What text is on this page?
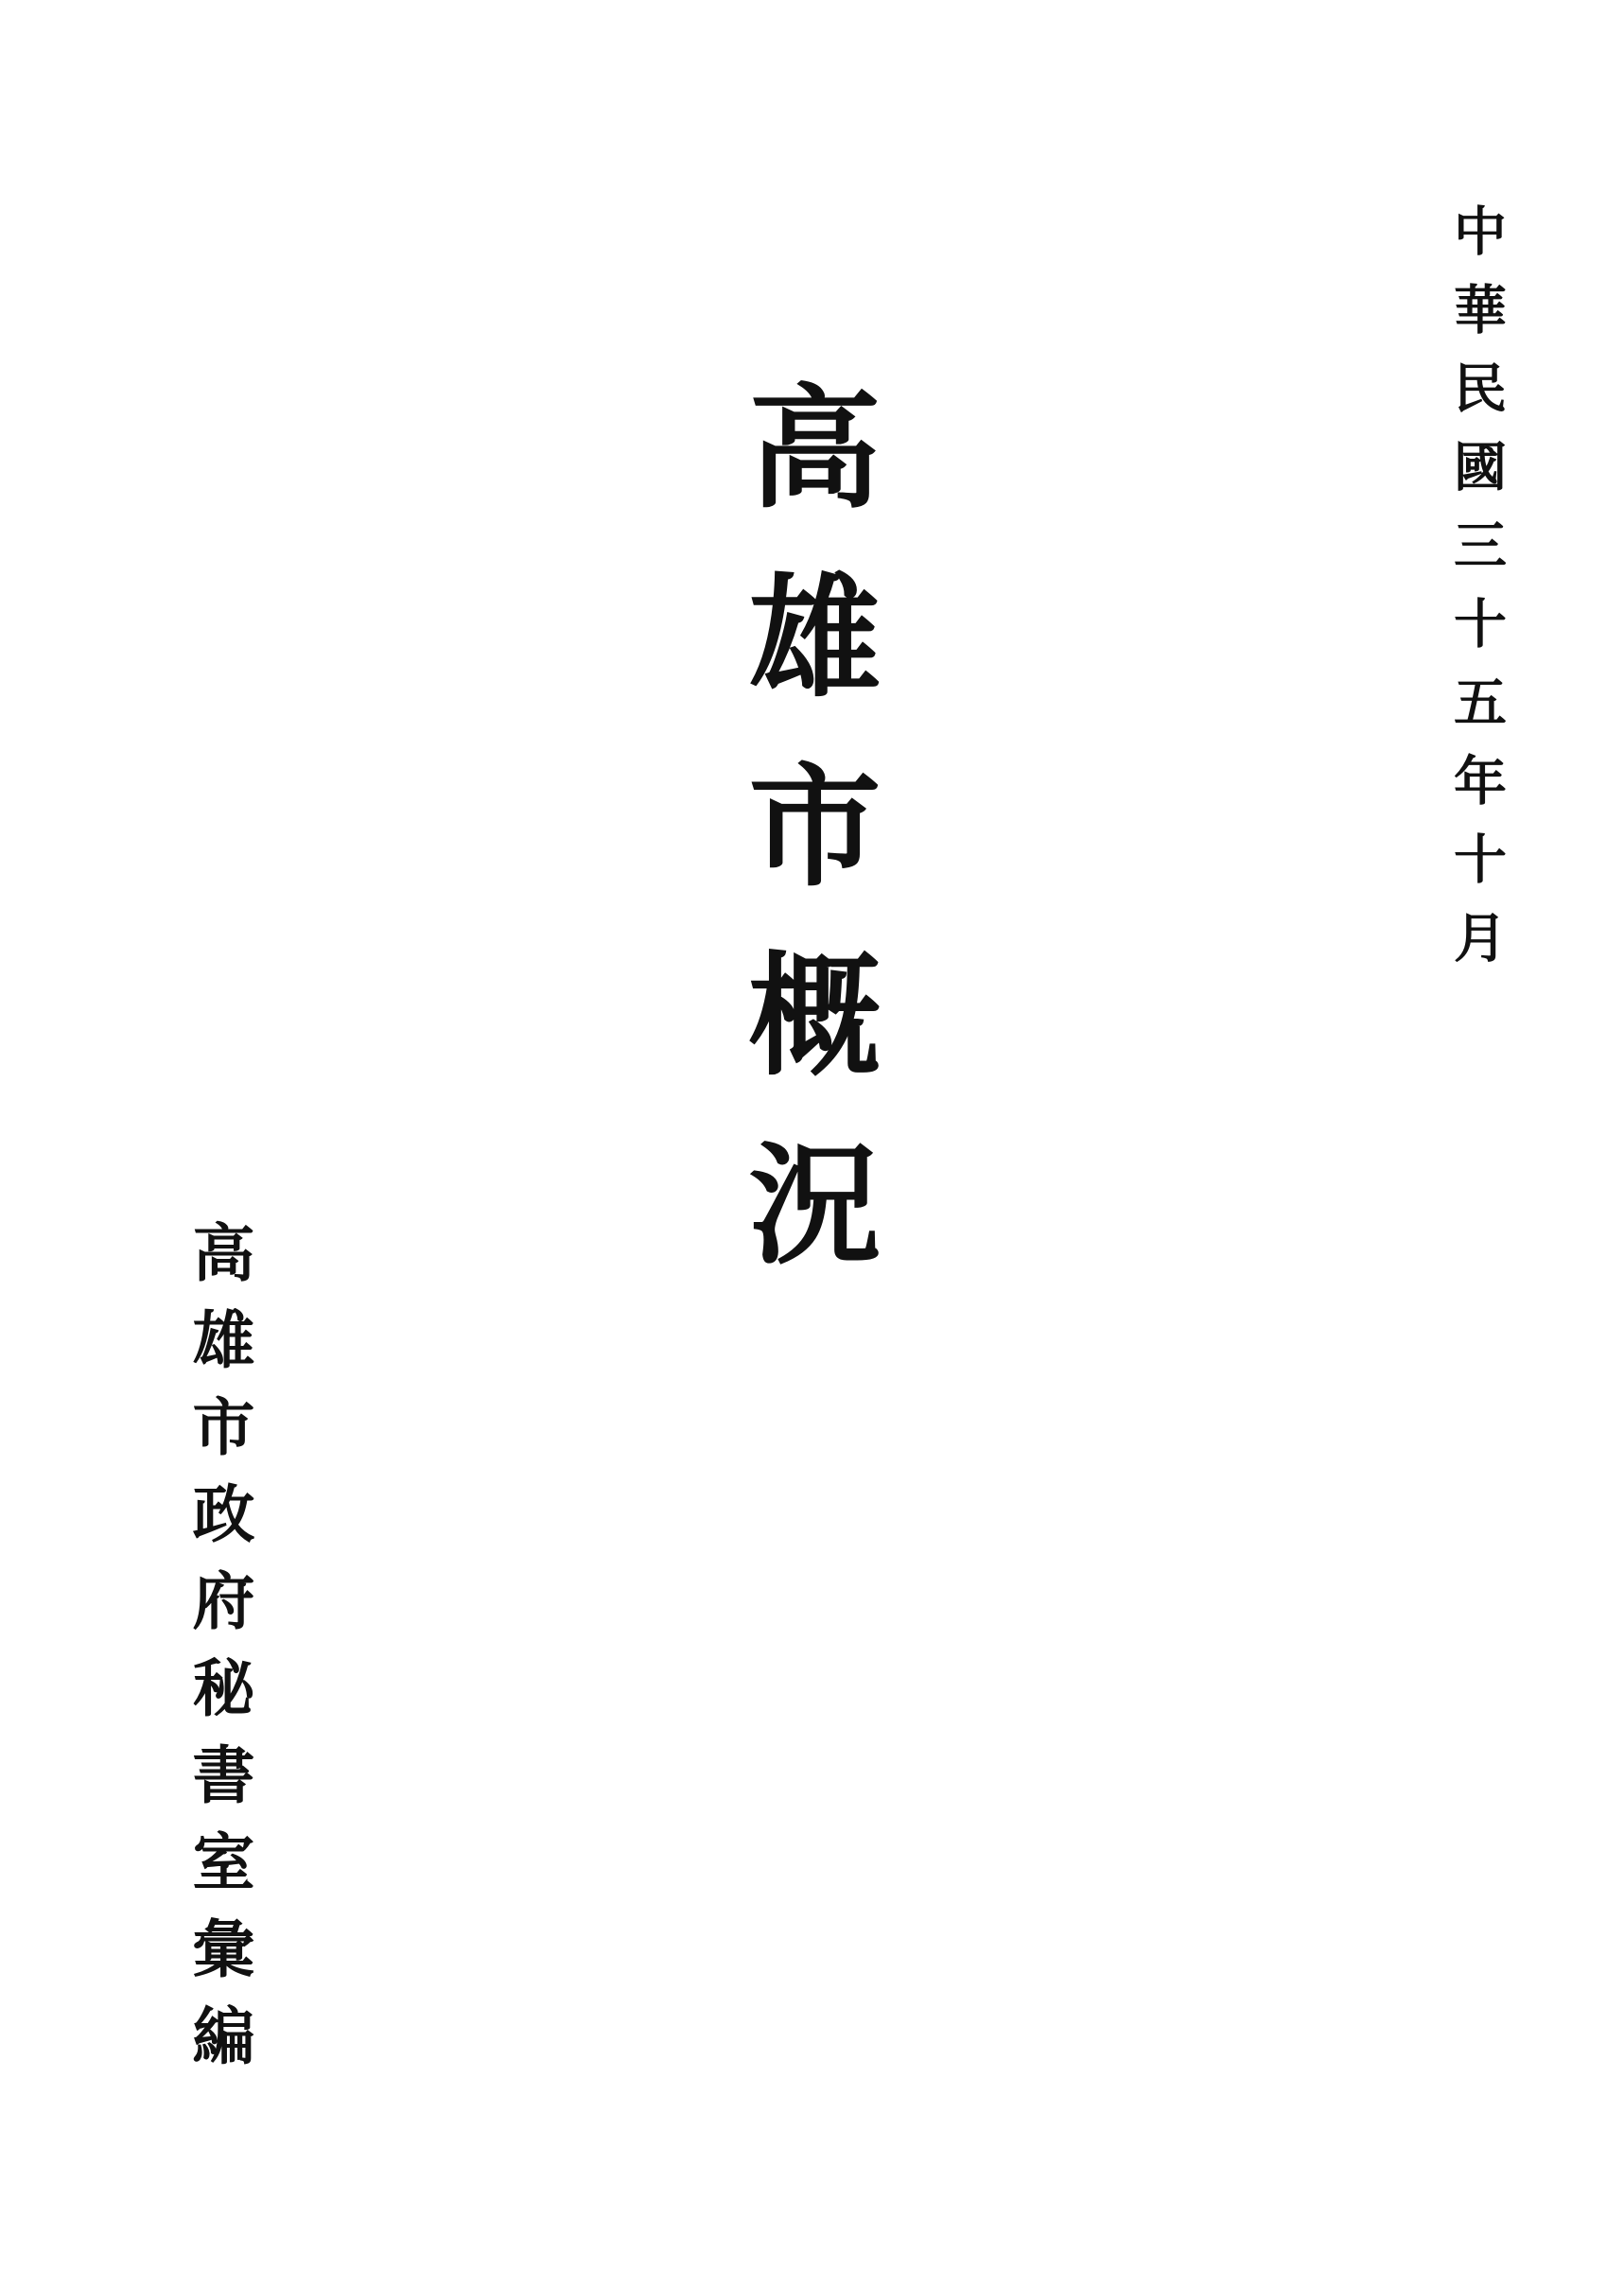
中華民國三十五年十月
高雄市概況
高雄市政府秘書室彙編
